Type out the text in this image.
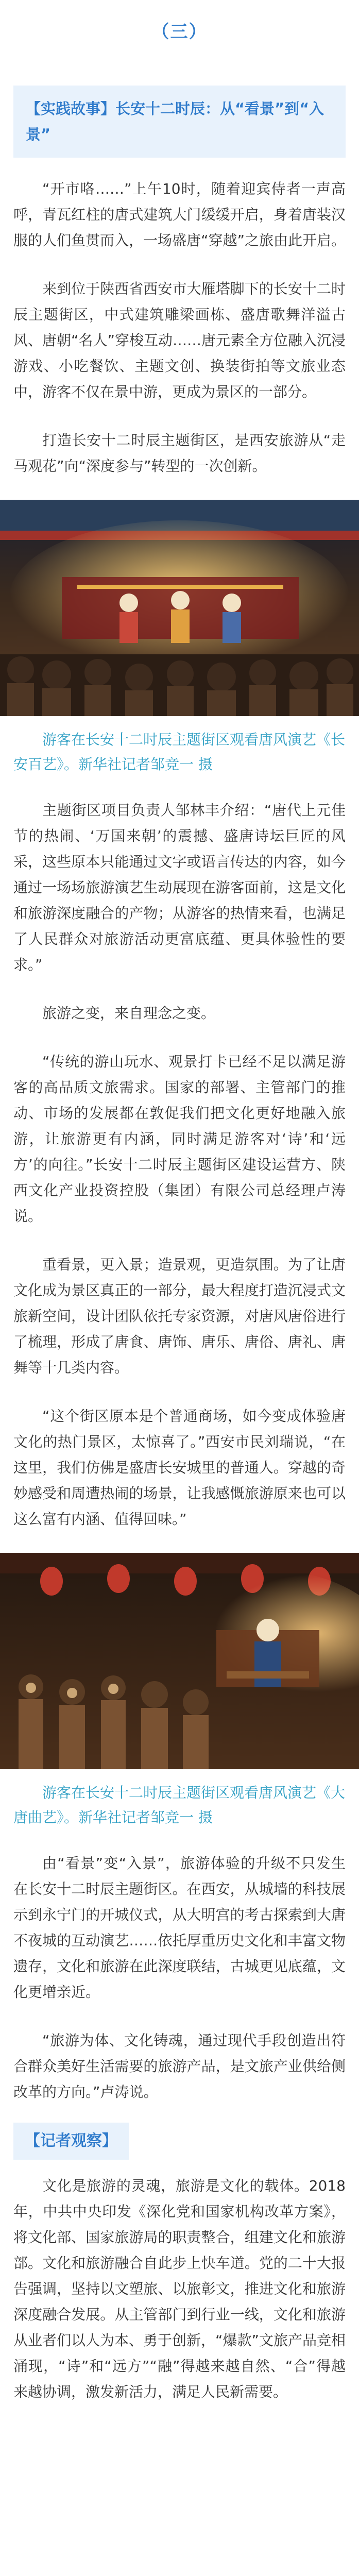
（三）
【实践故事】长安十二时辰：从“看景”到“入景”

“开市咯……”上午10时，随着迎宾侍者一声高呼，青瓦红柱的唐式建筑大门缓缓开启，身着唐装汉服的人们鱼贯而入，一场盛唐“穿越”之旅由此开启。

来到位于陕西省西安市大雁塔脚下的长安十二时辰主题街区，中式建筑雕梁画栋、盛唐歌舞洋溢古风、唐朝“名人”穿梭互动……唐元素全方位融入沉浸游戏、小吃餐饮、主题文创、换装街拍等文旅业态中，游客不仅在景中游，更成为景区的一部分。

打造长安十二时辰主题街区，是西安旅游从“走马观花”向“深度参与”转型的一次创新。

游客在长安十二时辰主题街区观看唐风演艺《长安百艺》。新华社记者邹竞一 摄

主题街区项目负责人邹林丰介绍：“唐代上元佳节的热闹、‘万国来朝’的震撼、盛唐诗坛巨匠的风采，这些原本只能通过文字或语言传达的内容，如今通过一场场旅游演艺生动展现在游客面前，这是文化和旅游深度融合的产物；从游客的热情来看，也满足了人民群众对旅游活动更富底蕴、更具体验性的要求。”

旅游之变，来自理念之变。

“传统的游山玩水、观景打卡已经不足以满足游客的高品质文旅需求。国家的部署、主管部门的推动、市场的发展都在敦促我们把文化更好地融入旅游，让旅游更有内涵，同时满足游客对‘诗’和‘远方’的向往。”长安十二时辰主题街区建设运营方、陕西文化产业投资控股（集团）有限公司总经理卢涛说。

重看景，更入景；造景观，更造氛围。为了让唐文化成为景区真正的一部分，最大程度打造沉浸式文旅新空间，设计团队依托专家资源，对唐风唐俗进行了梳理，形成了唐食、唐饰、唐乐、唐俗、唐礼、唐舞等十几类内容。

“这个街区原本是个普通商场，如今变成体验唐文化的热门景区，太惊喜了。”西安市民刘瑞说，“在这里，我们仿佛是盛唐长安城里的普通人。穿越的奇妙感受和周遭热闹的场景，让我感慨旅游原来也可以这么富有内涵、值得回味。”

游客在长安十二时辰主题街区观看唐风演艺《大唐曲艺》。新华社记者邹竞一 摄

由“看景”变“入景”，旅游体验的升级不只发生在长安十二时辰主题街区。在西安，从城墙的科技展示到永宁门的开城仪式，从大明宫的考古探索到大唐不夜城的互动演艺……依托厚重历史文化和丰富文物遗存，文化和旅游在此深度联结，古城更见底蕴，文化更增亲近。

“旅游为体、文化铸魂，通过现代手段创造出符合群众美好生活需要的旅游产品，是文旅产业供给侧改革的方向。”卢涛说。

【记者观察】

文化是旅游的灵魂，旅游是文化的载体。2018年，中共中央印发《深化党和国家机构改革方案》，将文化部、国家旅游局的职责整合，组建文化和旅游部。文化和旅游融合自此步上快车道。党的二十大报告强调，坚持以文塑旅、以旅彰文，推进文化和旅游深度融合发展。从主管部门到行业一线，文化和旅游从业者们以人为本、勇于创新，“爆款”文旅产品竞相涌现，“诗”和“远方”“融”得越来越自然、“合”得越来越协调，激发新活力，满足人民新需要。
